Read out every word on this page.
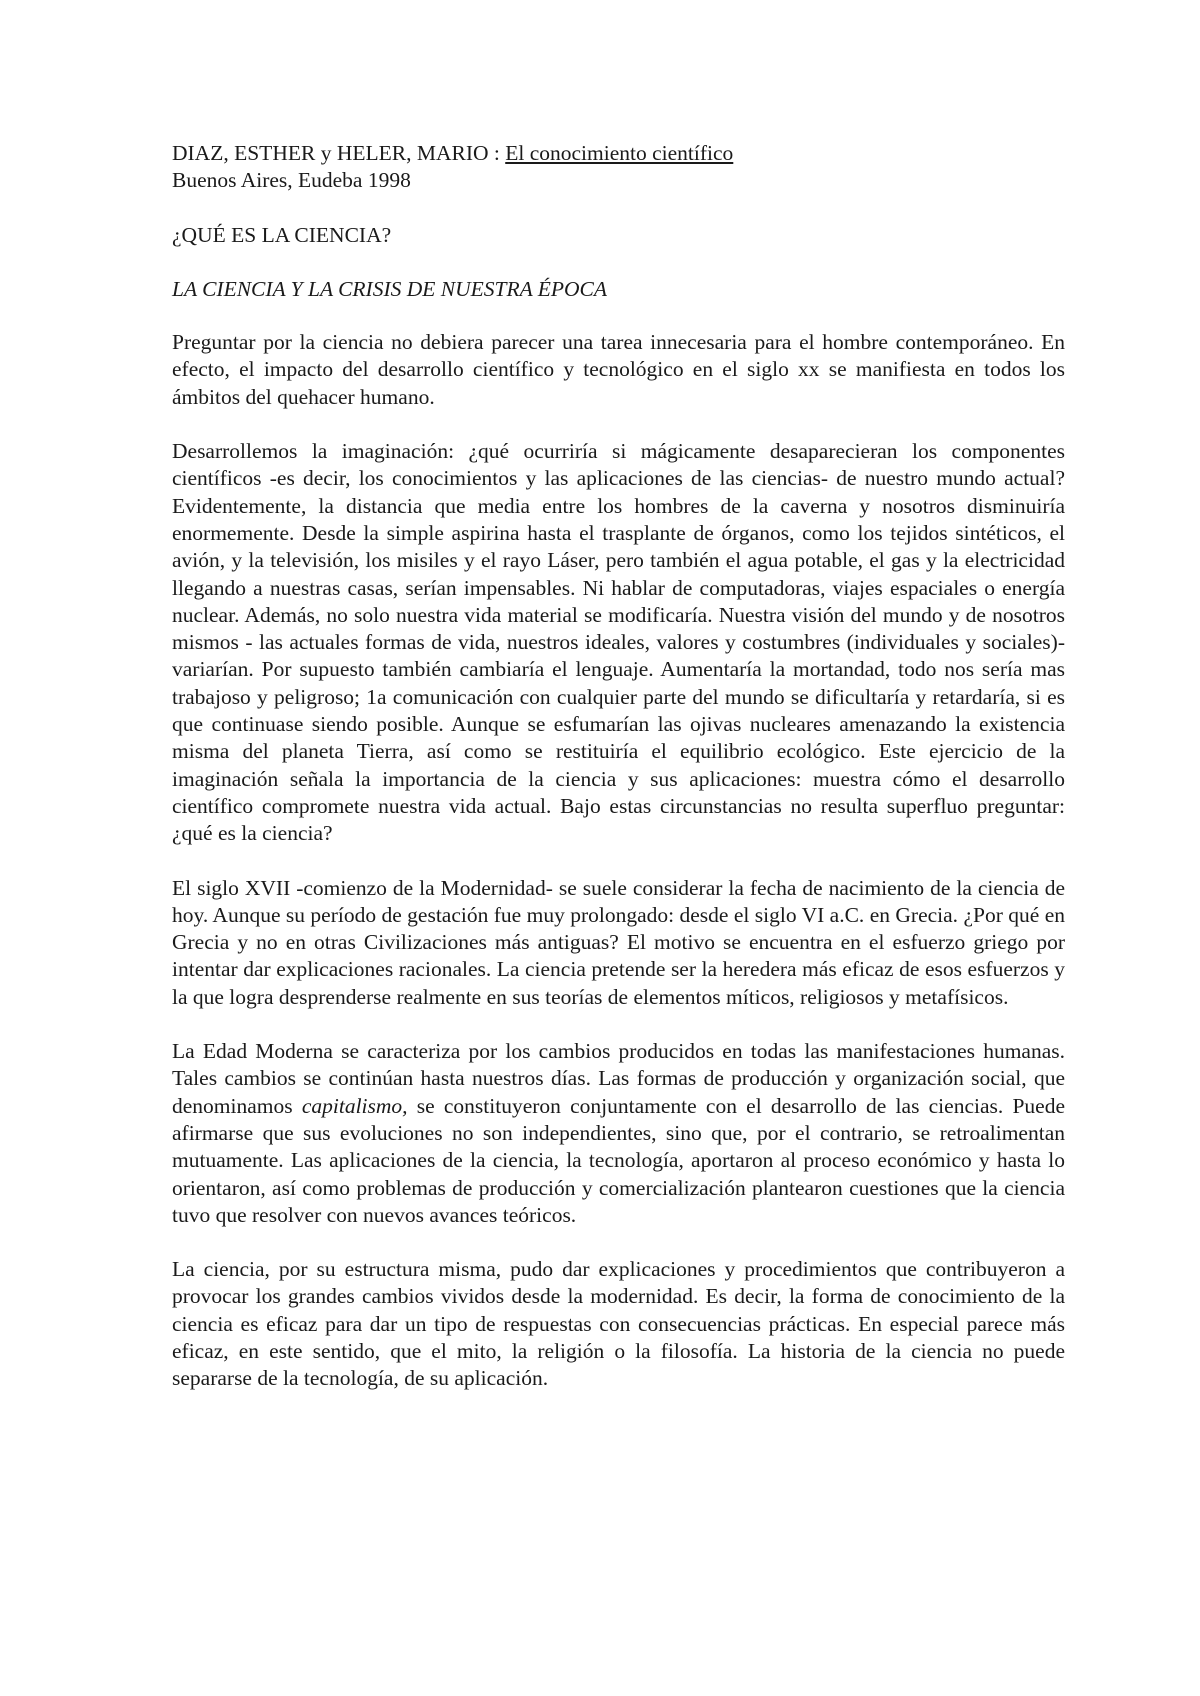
DIAZ, ESTHER y HELER, MARIO : El conocimiento científico

Buenos Aires, Eudeba 1998

¿QUÉ ES LA CIENCIA?

LA CIENCIA Y LA CRISIS DE NUESTRA ÉPOCA

Preguntar por la ciencia no debiera parecer una tarea innecesaria para el hombre contemporáneo. En efecto, el impacto del desarrollo científico y tecnológico en el siglo xx se manifiesta en todos los ámbitos del quehacer humano.

Desarrollemos la imaginación: ¿qué ocurriría si mágicamente desaparecieran los componentes científicos -es decir, los conocimientos y las aplicaciones de las ciencias- de nuestro mundo actual? Evidentemente, la distancia que media entre los hombres de la caverna y nosotros disminuiría enormemente. Desde la simple aspirina hasta el trasplante de órganos, como los tejidos sintéticos, el avión, y la televisión, los misiles y el rayo Láser, pero también el agua potable, el gas y la electricidad llegando a nuestras casas, serían impensables. Ni hablar de computadoras, viajes espaciales o energía nuclear. Además, no solo nuestra vida material se modificaría. Nuestra visión del mundo y de nosotros mismos - las actuales formas de vida, nuestros ideales, valores y costumbres (individuales y sociales)- variarían. Por supuesto también cambiaría el lenguaje. Aumentaría la mortandad, todo nos sería mas trabajoso y peligroso; 1a comunicación con cualquier parte del mundo se dificultaría y retardaría, si es que continuase siendo posible. Aunque se esfumarían las ojivas nucleares amenazando la existencia misma del planeta Tierra, así como se restituiría el equilibrio ecológico. Este ejercicio de la imaginación señala la importancia de la ciencia y sus aplicaciones: muestra cómo el desarrollo científico compromete nuestra vida actual. Bajo estas circunstancias no resulta superfluo preguntar: ¿qué es la ciencia?

El siglo XVII -comienzo de la Modernidad- se suele considerar la fecha de nacimiento de la ciencia de hoy. Aunque su período de gestación fue muy prolongado: desde el siglo VI a.C. en Grecia. ¿Por qué en Grecia y no en otras Civilizaciones más antiguas? El motivo se encuentra en el esfuerzo griego por intentar dar explicaciones racionales. La ciencia pretende ser la heredera más eficaz de esos esfuerzos y la que logra desprenderse realmente en sus teorías de elementos míticos, religiosos y metafísicos.

La Edad Moderna se caracteriza por los cambios producidos en todas las manifestaciones humanas. Tales cambios se continúan hasta nuestros días. Las formas de producción y organización social, que denominamos capitalismo, se constituyeron conjuntamente con el desarrollo de las ciencias. Puede afirmarse que sus evoluciones no son independientes, sino que, por el contrario, se retroalimentan mutuamente. Las aplicaciones de la ciencia, la tecnología, aportaron al proceso económico y hasta lo orientaron, así como problemas de producción y comercialización plantearon cuestiones que la ciencia tuvo que resolver con nuevos avances teóricos.

La ciencia, por su estructura misma, pudo dar explicaciones y procedimientos que contribuyeron a provocar los grandes cambios vividos desde la modernidad. Es decir, la forma de conocimiento de la ciencia es eficaz para dar un tipo de respuestas con consecuencias prácticas. En especial parece más eficaz, en este sentido, que el mito, la religión o la filosofía. La historia de la ciencia no puede separarse de la tecnología, de su aplicación.
